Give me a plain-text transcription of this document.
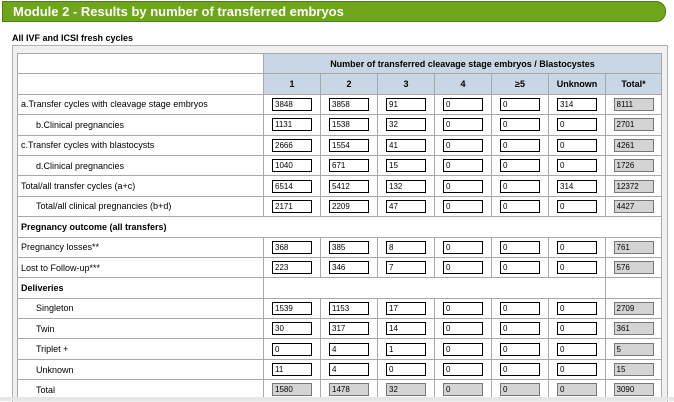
Module 2 - Results by number of transferred embryos
All IVF and ICSI fresh cycles
	Number of transferred cleavage stage embryos / Blastocystes						
	1	2	3	4	≥5	Unknown	Total*
a.Transfer cycles with cleavage stage embryos	3848	3858	91	0	0	314	8111
b.Clinical pregnancies	1131	1538	32	0	0	0	2701
c.Transfer cycles with blastocysts	2666	1554	41	0	0	0	4261
d.Clinical pregnancies	1040	671	15	0	0	0	1726
Total/all transfer cycles (a+c)	6514	5412	132	0	0	314	12372
Total/all clinical pregnancies (b+d)	2171	2209	47	0	0	0	4427
Pregnancy outcome (all transfers)							
Pregnancy losses**	368	385	8	0	0	0	761
Lost to Follow-up***	223	346	7	0	0	0	576
Deliveries							
Singleton	1539	1153	17	0	0	0	2709
Twin	30	317	14	0	0	0	361
Triplet +	0	4	1	0	0	0	5
Unknown	11	4	0	0	0	0	15
Total	1580	1478	32	0	0	0	3090
